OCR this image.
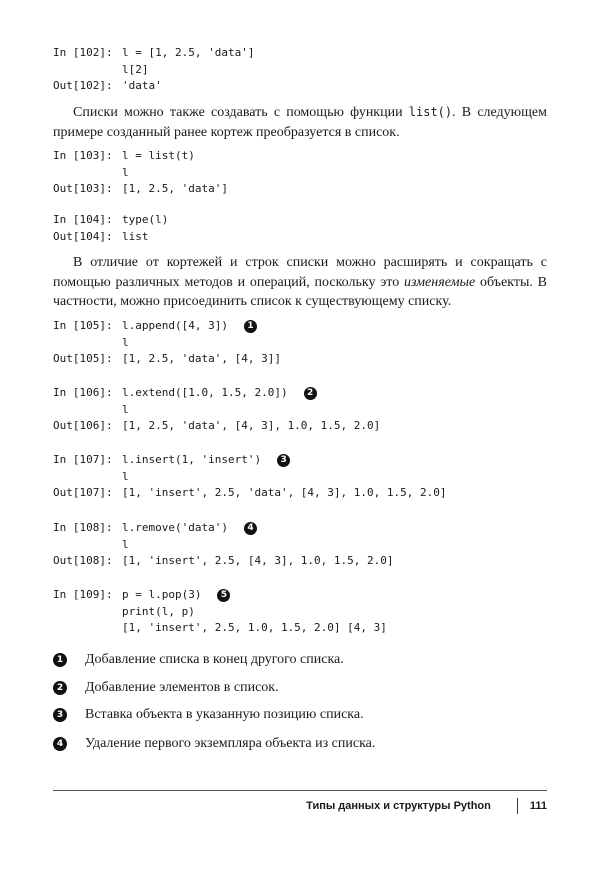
In [102]: l = [1, 2.5, 'data']
l[2]
Out[102]: 'data'
Списки можно также создавать с помощью функции list(). В следующем примере созданный ранее кортеж преобразуется в список.
In [103]: l = list(t)
l
Out[103]: [1, 2.5, 'data']
In [104]: type(l)
Out[104]: list
В отличие от кортежей и строк списки можно расширять и сокращать с помощью различных методов и операций, поскольку это изменяемые объекты. В частности, можно присоединить список к существующему списку.
In [105]: l.append([4, 3])	1
l
Out[105]: [1, 2.5, 'data', [4, 3]]
In [106]: l.extend([1.0, 1.5, 2.0])	2
l
Out[106]: [1, 2.5, 'data', [4, 3], 1.0, 1.5, 2.0]
In [107]: l.insert(1, 'insert')	3
l
Out[107]: [1, 'insert', 2.5, 'data', [4, 3], 1.0, 1.5, 2.0]
In [108]: l.remove('data')	4
l
Out[108]: [1, 'insert', 2.5, [4, 3], 1.0, 1.5, 2.0]
In [109]: p = l.pop(3)	5
print(l, p)
[1, 'insert', 2.5, 1.0, 1.5, 2.0] [4, 3]
1 Добавление списка в конец другого списка.
2 Добавление элементов в список.
3 Вставка объекта в указанную позицию списка.
4 Удаление первого экземпляра объекта из списка.
Типы данных и структуры Python	111
